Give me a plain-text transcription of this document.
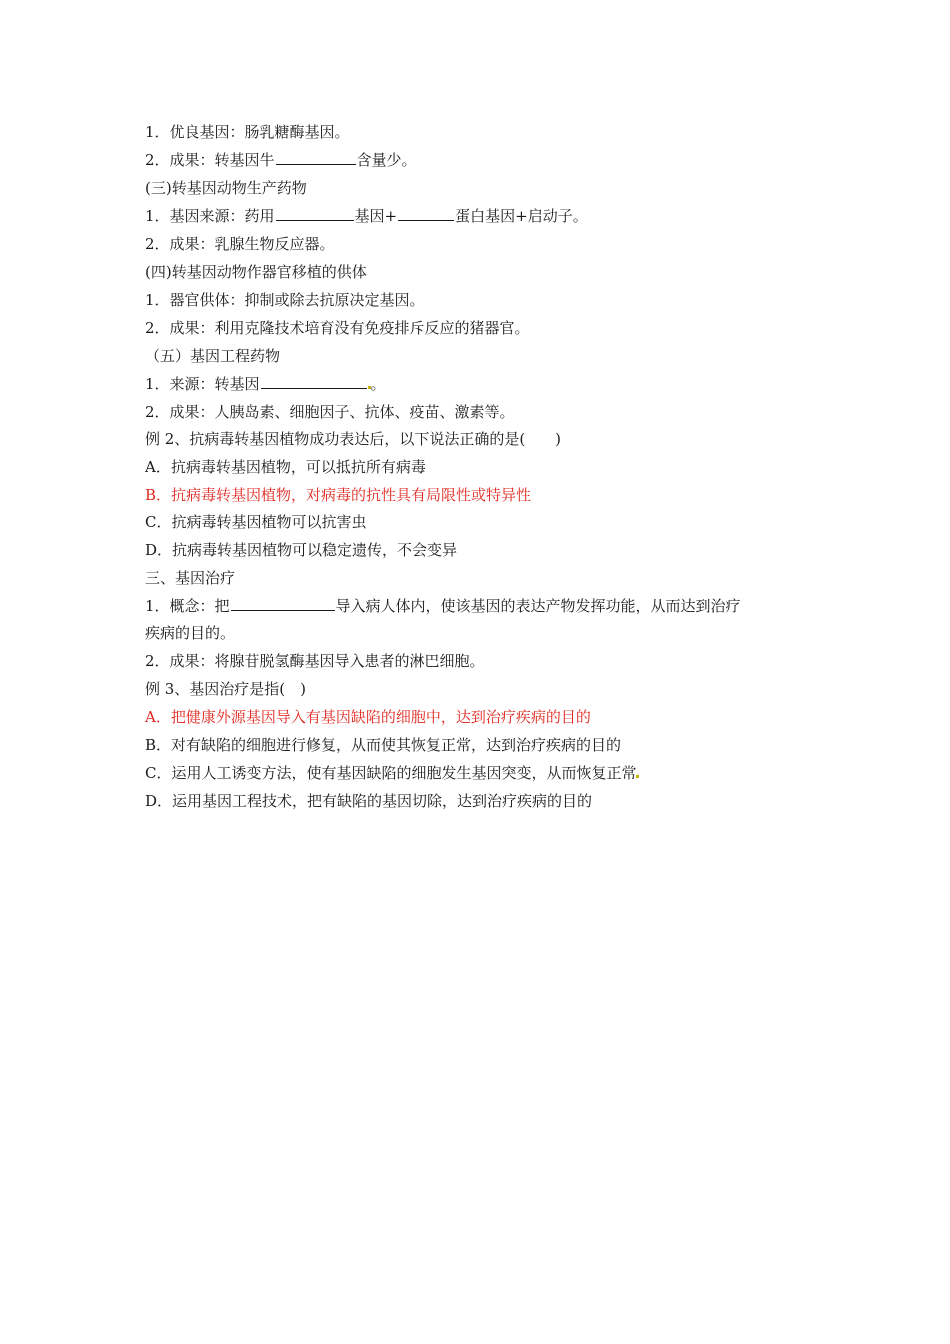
1．优良基因：肠乳糖酶基因。
2．成果：转基因牛	含量少。
(三)转基因动物生产药物
1．基因来源：药用	基因+	蛋白基因+启动子。
2．成果：乳腺生物反应器。
(四)转基因动物作器官移植的供体
1．器官供体：抑制或除去抗原决定基因。
2．成果：利用克隆技术培育没有免疫排斥反应的猪器官。
（五）基因工程药物
1．来源：转基因	。
2．成果：人胰岛素、细胞因子、抗体、疫苗、激素等。
例 2、抗病毒转基因植物成功表达后，以下说法正确的是(　　)
A．抗病毒转基因植物，可以抵抗所有病毒
B．抗病毒转基因植物，对病毒的抗性具有局限性或特异性
C．抗病毒转基因植物可以抗害虫
D．抗病毒转基因植物可以稳定遗传，不会变异
三、基因治疗
1．概念：把	导入病人体内，使该基因的表达产物发挥功能，从而达到治疗
疾病的目的。
2．成果：将腺苷脱氢酶基因导入患者的淋巴细胞。
例 3、基因治疗是指(　)
A．把健康外源基因导入有基因缺陷的细胞中，达到治疗疾病的目的
B．对有缺陷的细胞进行修复，从而使其恢复正常，达到治疗疾病的目的
C．运用人工诱变方法，使有基因缺陷的细胞发生基因突变，从而恢复正常
D．运用基因工程技术，把有缺陷的基因切除，达到治疗疾病的目的
